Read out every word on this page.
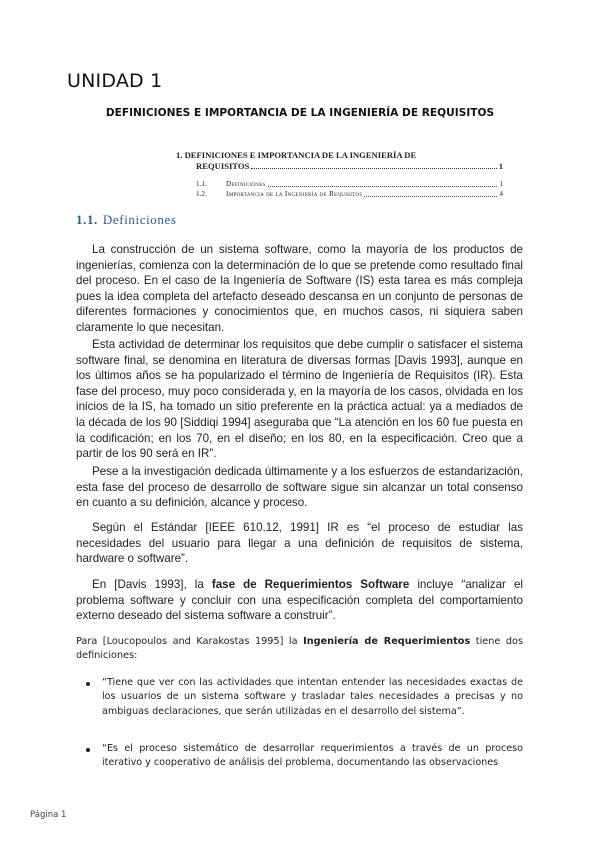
UNIDAD 1
DEFINICIONES E IMPORTANCIA DE LA INGENIERÍA DE REQUISITOS
1. DEFINICIONES E IMPORTANCIA DE LA INGENIERÍA DE
REQUISITOS	1
1.1.	Definiciones	1
1.2.	Importancia de la Ingeniería de Requisitos	4
1.1. Definiciones

La construcción de un sistema software, como la mayoría de los productos de ingenierías, comienza con la determinación de lo que se pretende como resultado final del proceso. En el caso de la Ingeniería de Software (IS) esta tarea es más compleja pues la idea completa del artefacto deseado descansa en un conjunto de personas de diferentes formaciones y conocimientos que, en muchos casos, ni siquiera saben claramente lo que necesitan.

Esta actividad de determinar los requisitos que debe cumplir o satisfacer el sistema software final, se denomina en literatura de diversas formas [Davis 1993], aunque en los últimos años se ha popularizado el término de Ingeniería de Requisitos (IR). Esta fase del proceso, muy poco considerada y, en la mayoría de los casos, olvidada en los inicios de la IS, ha tomado un sitio preferente en la práctica actual: ya a mediados de la década de los 90 [Siddiqi 1994] aseguraba que “La atención en los 60 fue puesta en la codificación; en los 70, en el diseño; en los 80, en la especificación. Creo que a partir de los 90 será en IR”.

Pese a la investigación dedicada últimamente y a los esfuerzos de estandarización, esta fase del proceso de desarrollo de software sigue sin alcanzar un total consenso en cuanto a su definición, alcance y proceso.

Según el Estándar [IEEE 610.12, 1991] IR es “el proceso de estudiar las necesidades del usuario para llegar a una definición de requisitos de sistema, hardware o software”.

En [Davis 1993], la fase de Requerimientos Software incluye “analizar el problema software y concluir con una especificación completa del comportamiento externo deseado del sistema software a construir”.

Para [Loucopoulos and Karakostas 1995] la Ingeniería de Requerimientos tiene dos definiciones:

“Tiene que ver con las actividades que intentan entender las necesidades exactas de los usuarios de un sistema software y trasladar tales necesidades a precisas y no ambiguas declaraciones, que serán utilizadas en el desarrollo del sistema”.
“Es el proceso sistemático de desarrollar requerimientos a través de un proceso iterativo y cooperativo de análisis del problema, documentando las observaciones
Página 1
